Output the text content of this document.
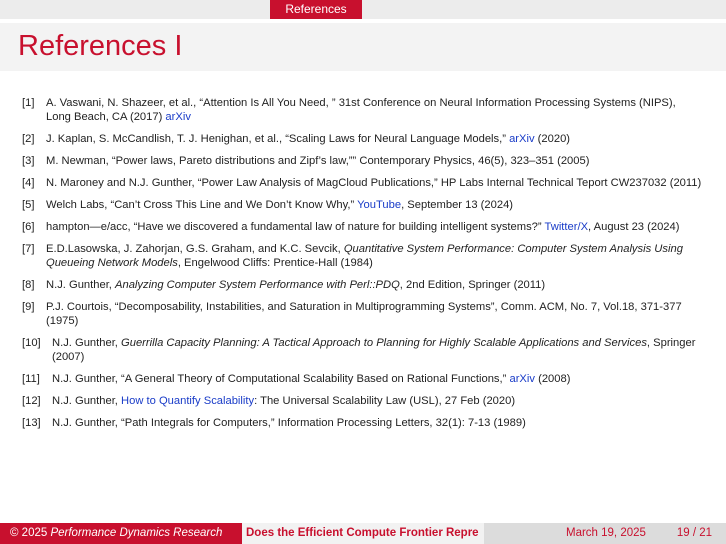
References
References I
[1]	A. Vaswani, N. Shazeer, et al., “Attention Is All You Need, ” 31st Conference on Neural Information Processing Systems (NIPS), Long Beach, CA (2017) arXiv
[2]	J. Kaplan, S. McCandlish, T. J. Henighan, et al., “Scaling Laws for Neural Language Models,” arXiv (2020)
[3]	M. Newman, “Power laws, Pareto distributions and Zipf’s law,”” Contemporary Physics, 46(5), 323–351 (2005)
[4]	N. Maroney and N.J. Gunther, “Power Law Analysis of MagCloud Publications,” HP Labs Internal Technical Teport CW237032 (2011)
[5]	Welch Labs, “Can’t Cross This Line and We Don’t Know Why,” YouTube, September 13 (2024)
[6]	hampton—e/acc, “Have we discovered a fundamental law of nature for building intelligent systems?” Twitter/X, August 23 (2024)
[7]	E.D.Lasowska, J. Zahorjan, G.S. Graham, and K.C. Sevcik, Quantitative System Performance: Computer System Analysis Using Queueing Network Models, Engelwood Cliffs: Prentice-Hall (1984)
[8]	N.J. Gunther, Analyzing Computer System Performance with Perl::PDQ, 2nd Edition, Springer (2011)
[9]	P.J. Courtois, “Decomposability, Instabilities, and Saturation in Multiprogramming Systems”, Comm. ACM, No. 7, Vol.18, 371-377 (1975)
[10]	N.J. Gunther, Guerrilla Capacity Planning: A Tactical Approach to Planning for Highly Scalable Applications and Services, Springer (2007)
[11]	N.J. Gunther, “A General Theory of Computational Scalability Based on Rational Functions,” arXiv (2008)
[12]	N.J. Gunther, How to Quantify Scalability: The Universal Scalability Law (USL), 27 Feb (2020)
[13]	N.J. Gunther, “Path Integrals for Computers,” Information Processing Letters, 32(1): 7-13 (1989)
© 2025 Performance Dynamics Research	Does the Efficient Compute Frontier Repre	March 19, 2025	19 / 21
